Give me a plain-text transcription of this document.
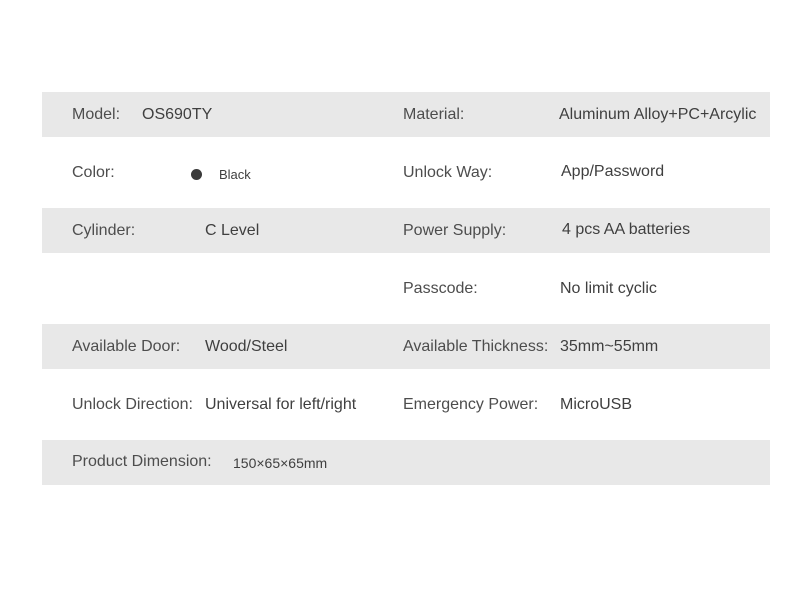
Model: OS690TY	Material:	Aluminum Alloy+PC+Arcylic
Color:	Black	Unlock Way:	App/Password
Cylinder:	C Level	Power Supply:	4 pcs AA batteries
Passcode:	No limit cyclic
Available Door: Wood/Steel	Available Thickness: 35mm~55mm
Unlock Direction: Universal for left/right	Emergency Power: MicroUSB
Product Dimension: 150×65×65mm
